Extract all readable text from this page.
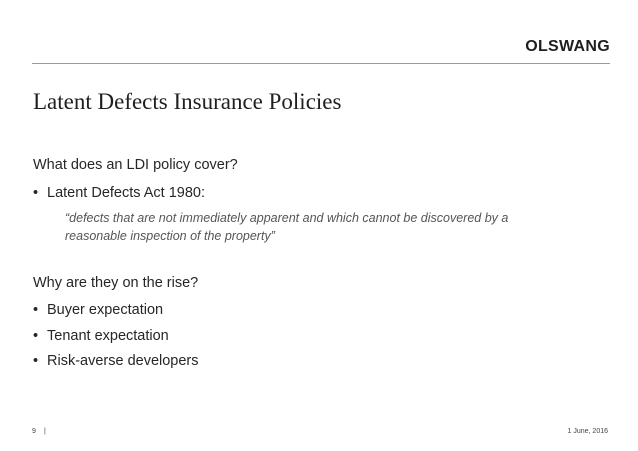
OLSWANG
Latent Defects Insurance Policies
What does an LDI policy cover?
• Latent Defects Act 1980:
“defects that are not immediately apparent and which cannot be discovered by a reasonable inspection of the property”
Why are they on the rise?
• Buyer expectation
• Tenant expectation
• Risk-averse developers
9 |	1 June, 2016
